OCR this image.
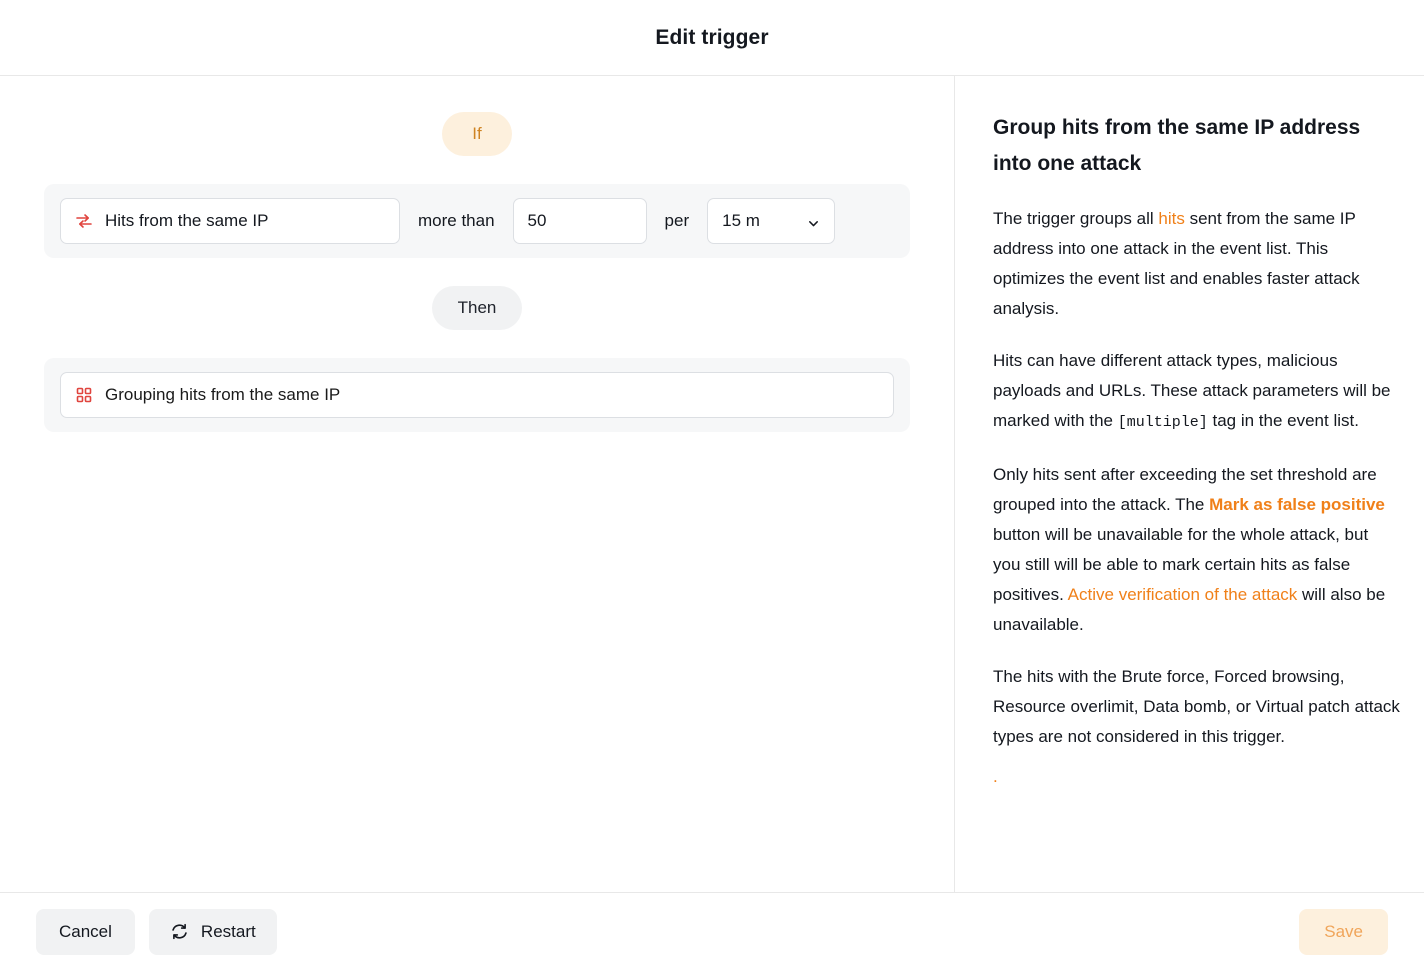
Edit trigger
If
Hits from the same IP	more than	50	per	15 m
Then
Grouping hits from the same IP
Group hits from the same IP address into one attack

The trigger groups all hits sent from the same IP address into one attack in the event list. This optimizes the event list and enables faster attack analysis.

Hits can have different attack types, malicious payloads and URLs. These attack parameters will be marked with the [multiple] tag in the event list.

Only hits sent after exceeding the set threshold are grouped into the attack. The Mark as false positive button will be unavailable for the whole attack, but you still will be able to mark certain hits as false positives. Active verification of the attack will also be unavailable.

The hits with the Brute force, Forced browsing, Resource overlimit, Data bomb, or Virtual patch attack types are not considered in this trigger.

.
Cancel	Restart	Save
